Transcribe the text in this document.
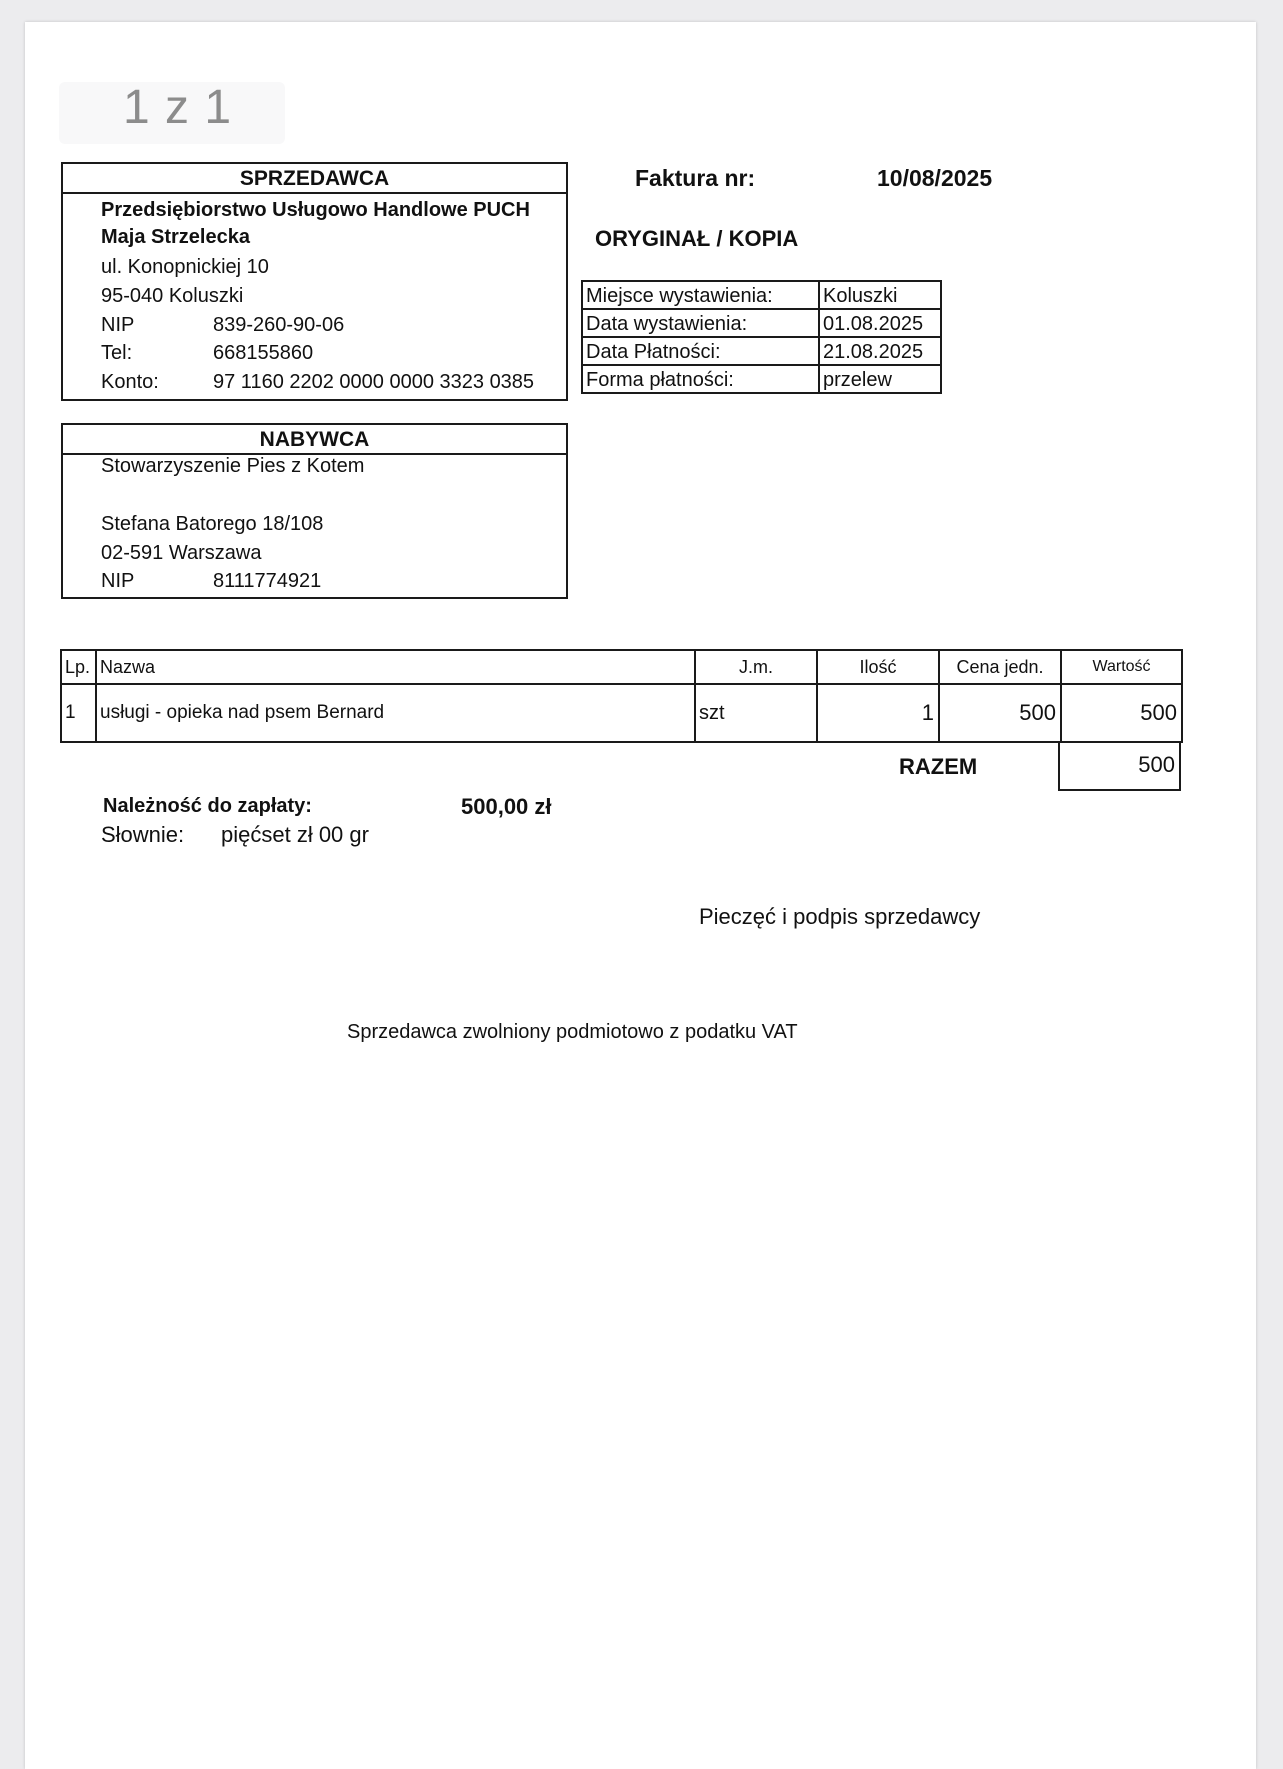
1 z 1
SPRZEDAWCA
Przedsiębiorstwo Usługowo Handlowe PUCH
Maja Strzelecka
ul. Konopnickiej 10
95-040 Koluszki
NIP	839-260-90-06
Tel:	668155860
Konto:	97 1160 2202 0000 0000 3323 0385
Faktura nr:	10/08/2025
ORYGINAŁ / KOPIA
Miejsce wystawienia:	Koluszki
Data wystawienia:	01.08.2025
Data Płatności:	21.08.2025
Forma płatności:	przelew
NABYWCA
Stowarzyszenie Pies z Kotem
Stefana Batorego 18/108
02-591 Warszawa
NIP	8111774921
Lp.	Nazwa	J.m.	Ilość	Cena jedn.	Wartość
1	usługi - opieka nad psem Bernard	szt	1	500	500
RAZEM	500
Należność do zapłaty:	500,00 zł
Słownie: pięćset zł 00 gr
Pieczęć i podpis sprzedawcy
Sprzedawca zwolniony podmiotowo z podatku VAT
